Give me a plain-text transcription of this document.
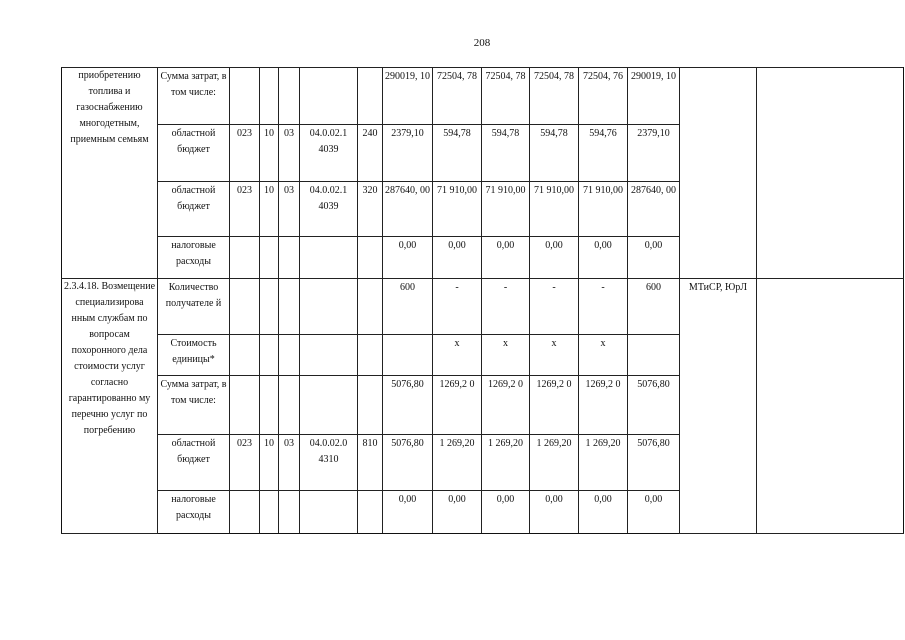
208
приобретению топлива и газоснабжению многодетным, приемным семьям	Сумма затрат, в том числе:						290019, 10	72504, 78	72504, 78	72504, 78	72504, 76	290019, 10		
	областной бюджет	023	10	03	04.0.02.1 4039	240	2379,10	594,78	594,78	594,78	594,76	2379,10		
	областной бюджет	023	10	03	04.0.02.1 4039	320	287640, 00	71 910,00	71 910,00	71 910,00	71 910,00	287640, 00		
	налоговые расходы						0,00	0,00	0,00	0,00	0,00	0,00		
2.3.4.18. Возмещение специализирова нным службам по вопросам похоронного дела стоимости услуг согласно гарантированно му перечню услуг по погребению	Количество получателе й						600	-	-	-	-	600	МТиСР, ЮрЛ	
	Стоимость единицы*							х	х	х	х			
	Сумма затрат, в том числе:						5076,80	1269,2 0	1269,2 0	1269,2 0	1269,2 0	5076,80		
	областной бюджет	023	10	03	04.0.02.0 4310	810	5076,80	1 269,20	1 269,20	1 269,20	1 269,20	5076,80		
	налоговые расходы						0,00	0,00	0,00	0,00	0,00	0,00		
